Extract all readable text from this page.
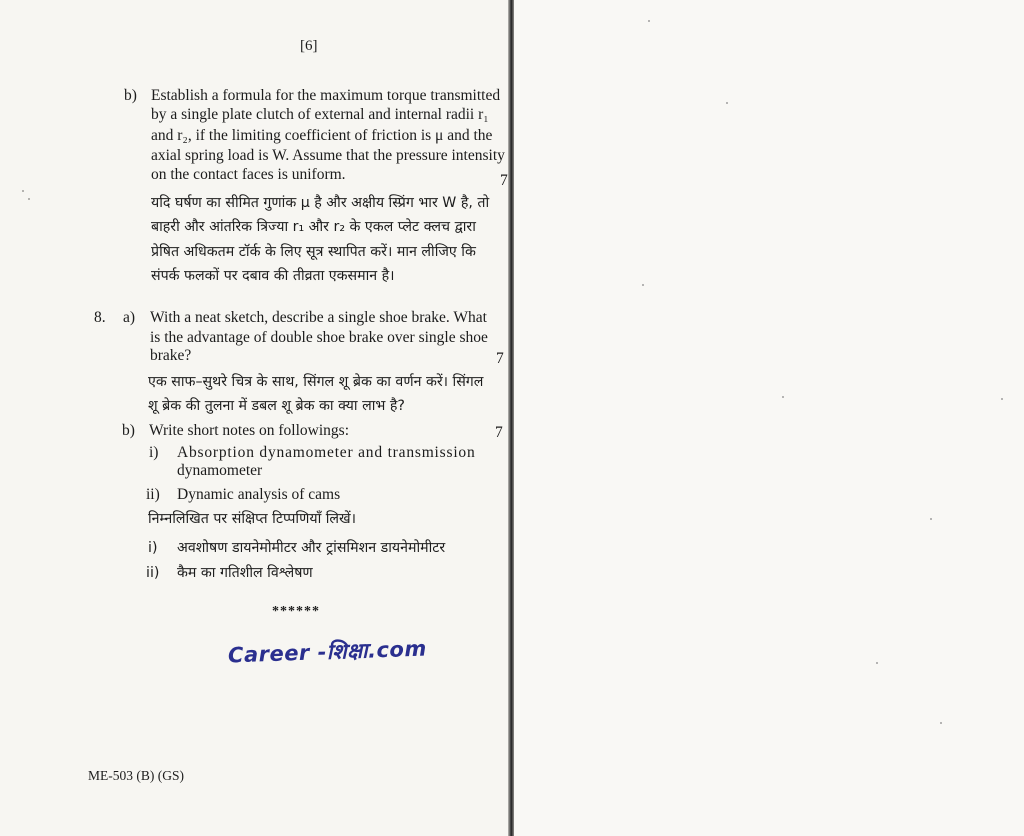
[6]
b) Establish a formula for the maximum torque transmitted
by a single plate clutch of external and internal radii r₁
and r₂, if the limiting coefficient of friction is μ and the
axial spring load is W. Assume that the pressure intensity
on the contact faces is uniform.	7
यदि घर्षण का सीमित गुणांक μ है और अक्षीय स्प्रिंग भार W है, तो
बाहरी और आंतरिक त्रिज्या r₁ और r₂ के एकल प्लेट क्लच द्वारा
प्रेषित अधिकतम टॉर्क के लिए सूत्र स्थापित करें। मान लीजिए कि
संपर्क फलकों पर दबाव की तीव्रता एकसमान है।
8. a) With a neat sketch, describe a single shoe brake. What
is the advantage of double shoe brake over single shoe
brake?	7
एक साफ–सुथरे चित्र के साथ, सिंगल शू ब्रेक का वर्णन करें। सिंगल
शू ब्रेक की तुलना में डबल शू ब्रेक का क्या लाभ है?
b) Write short notes on followings:	7
i) Absorption dynamometer and transmission
dynamometer
ii) Dynamic analysis of cams
निम्नलिखित पर संक्षिप्त टिप्पणियाँ लिखें।
i) अवशोषण डायनेमोमीटर और ट्रांसमिशन डायनेमोमीटर
ii) कैम का गतिशील विश्लेषण
******
Career -शिक्षा.com
ME-503 (B) (GS)
